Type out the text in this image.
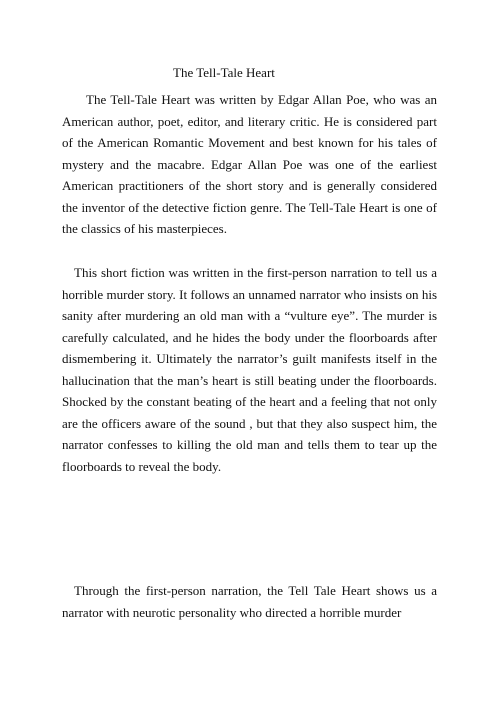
The Tell-Tale Heart

The Tell-Tale Heart was written by Edgar Allan Poe, who was an American author, poet, editor, and literary critic. He is considered part of the American Romantic Movement and best known for his tales of mystery and the macabre. Edgar Allan Poe was one of the earliest American practitioners of the short story and is generally considered the inventor of the detective fiction genre. The Tell-Tale Heart is one of the classics of his masterpieces.

This short fiction was written in the first-person narration to tell us a horrible murder story. It follows an unnamed narrator who insists on his sanity after murdering an old man with a “vulture eye”. The murder is carefully calculated, and he hides the body under the floorboards after dismembering it. Ultimately the narrator’s guilt manifests itself in the hallucination that the man’s heart is still beating under the floorboards. Shocked by the constant beating of the heart and a feeling that not only are the officers aware of the sound , but that they also suspect him, the narrator confesses to killing the old man and tells them to tear up the floorboards to reveal the body.

Through the first-person narration, the Tell Tale Heart shows us a narrator with neurotic personality who directed a horrible murder
